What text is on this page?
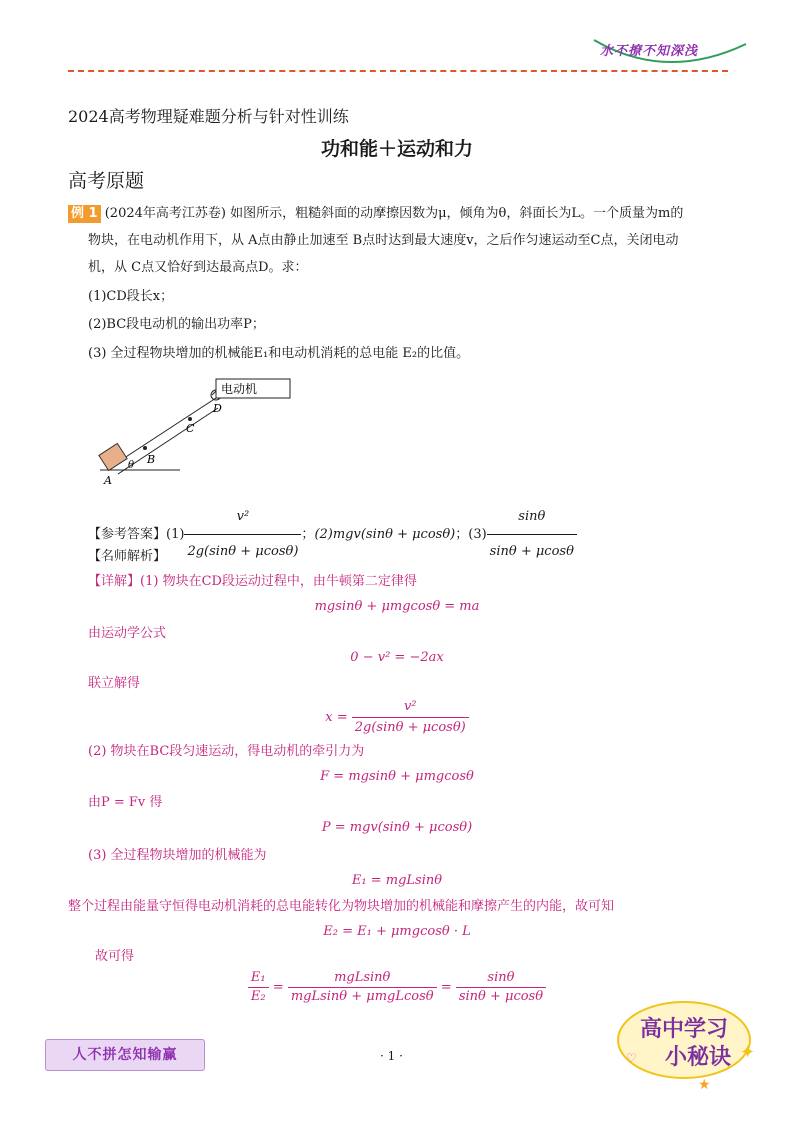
水不撩不知深浅
2024高考物理疑难题分析与针对性训练
功和能＋运动和力
高考原题
例 1 (2024年高考江苏卷) 如图所示，粗糙斜面的动摩擦因数为μ，倾角为θ，斜面长为L。一个质量为m的
物块，在电动机作用下，从 A点由静止加速至 B点时达到最大速度v，之后作匀速运动至C点，关闭电动
机，从 C点又恰好到达最高点D。求：
(1)CD段长x；
(2)BC段电动机的输出功率P；
(3) 全过程物块增加的机械能E₁和电动机消耗的总电能 E₂的比值。
A
B
C
D
θ
电动机
【参考答案】$(1) \frac{\text{v²}}{2g(\sin\theta + \mu\cos\theta)}$ ；(2)mgv(sinθ + μcosθ)；$(3) \frac{\sin\theta}{\sin\theta + \mu\cos\theta}$
【名师解析】
【详解】(1) 物块在CD段运动过程中，由牛顿第二定律得
mgsinθ + μmgcosθ = ma
由运动学公式
0 − v² = −2ax
联立解得
$x = \frac{\text{v²}}{2g(\sin\theta + \mu\cos\theta)}$
(2) 物块在BC段匀速运动，得电动机的牵引力为
F = mgsinθ + μmgcosθ
由P = Fv 得
P = mgv(sinθ + μcosθ)
(3) 全过程物块增加的机械能为
E₁ = mgLsinθ
整个过程由能量守恒得电动机消耗的总电能转化为物块增加的机械能和摩擦产生的内能，故可知
E₂ = E₁ + μmgcosθ · L
故可得
$\frac{\text{E₁}}{\text{E₂}} = \frac{\text{mgLsinθ}}{\text{mgLsinθ + μmgLcosθ}} = \frac{\sin\theta}{\sin\theta + \mu\cos\theta}$
人不拼怎知输赢	· 1 ·
高中学习
小秘诀 ✦
♡
★
